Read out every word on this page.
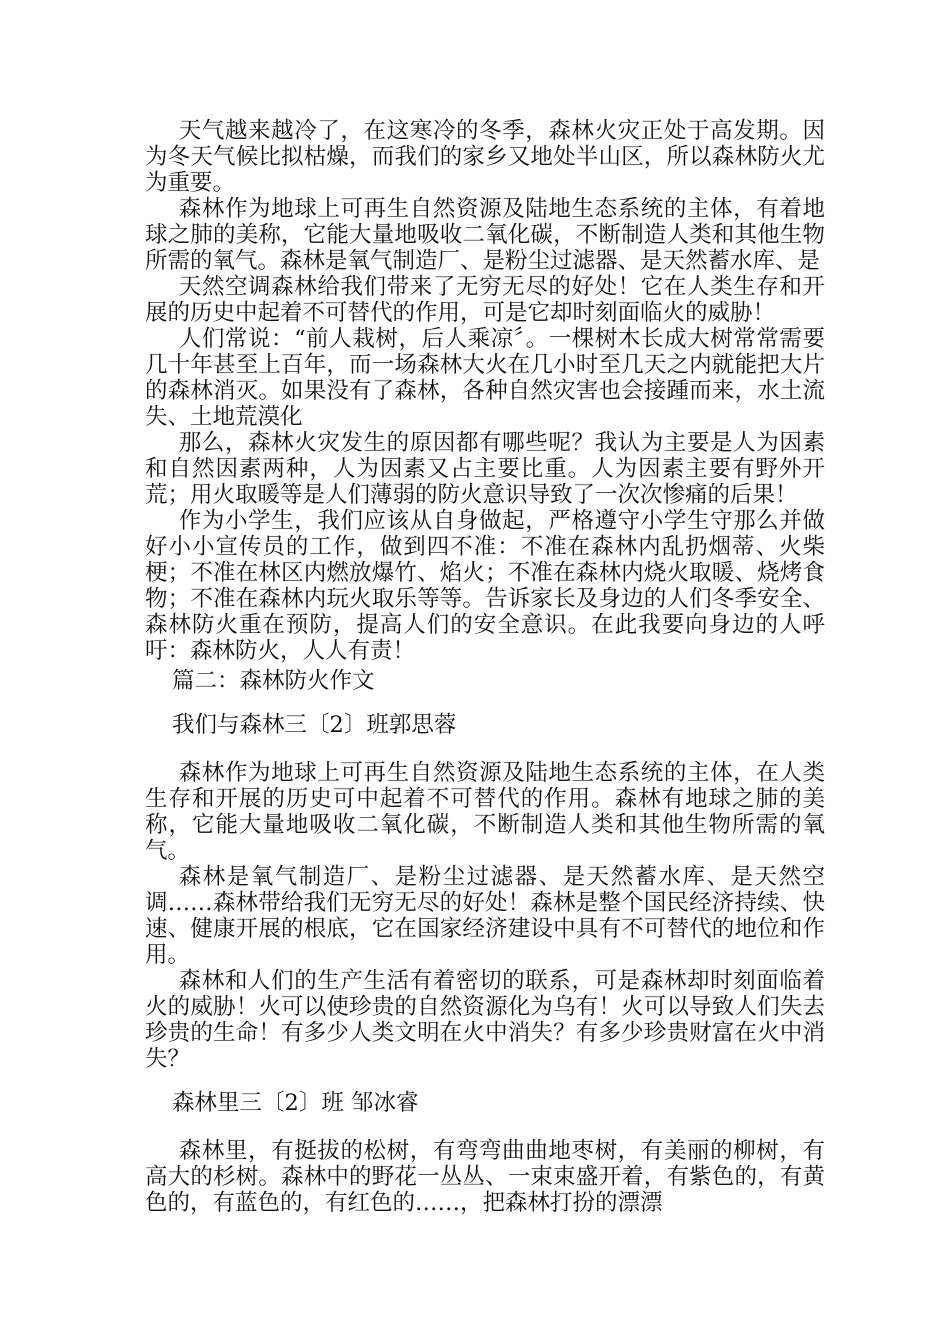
天气越来越冷了，在这寒冷的冬季，森林火灾正处于高发期。因为冬天气候比拟枯燥，而我们的家乡又地处半山区，所以森林防火尤为重要。

森林作为地球上可再生自然资源及陆地生态系统的主体，有着地球之肺的美称，它能大量地吸收二氧化碳，不断制造人类和其他生物所需的氧气。森林是氧气制造厂、是粉尘过滤器、是天然蓄水库、是

天然空调森林给我们带来了无穷无尽的好处！它在人类生存和开展的历史中起着不可替代的作用，可是它却时刻面临火的威胁！

人们常说：“前人栽树，后人乘凉〞。一棵树木长成大树常常需要几十年甚至上百年，而一场森林大火在几小时至几天之内就能把大片的森林消灭。如果没有了森林，各种自然灾害也会接踵而来，水土流失、土地荒漠化

那么，森林火灾发生的原因都有哪些呢？我认为主要是人为因素和自然因素两种，人为因素又占主要比重。人为因素主要有野外开荒；用火取暖等是人们薄弱的防火意识导致了一次次惨痛的后果！

作为小学生，我们应该从自身做起，严格遵守小学生守那么并做好小小宣传员的工作，做到四不准：不准在森林内乱扔烟蒂、火柴梗；不准在林区内燃放爆竹、焰火；不准在森林内烧火取暖、烧烤食物；不准在森林内玩火取乐等等。告诉家长及身边的人们冬季安全、森林防火重在预防，提高人们的安全意识。在此我要向身边的人呼吁：森林防火，人人有责！

篇二：森林防火作文

我们与森林三〔2〕班郭思蓉

森林作为地球上可再生自然资源及陆地生态系统的主体，在人类生存和开展的历史可中起着不可替代的作用。森林有地球之肺的美称，它能大量地吸收二氧化碳，不断制造人类和其他生物所需的氧气。

森林是氧气制造厂、是粉尘过滤器、是天然蓄水库、是天然空调……森林带给我们无穷无尽的好处！森林是整个国民经济持续、快速、健康开展的根底，它在国家经济建设中具有不可替代的地位和作用。

森林和人们的生产生活有着密切的联系，可是森林却时刻面临着火的威胁！火可以使珍贵的自然资源化为乌有！火可以导致人们失去珍贵的生命！有多少人类文明在火中消失？有多少珍贵财富在火中消失？

森林里三〔2〕班 邹冰睿

森林里，有挺拔的松树，有弯弯曲曲地枣树，有美丽的柳树，有高大的杉树。森林中的野花一丛丛、一束束盛开着，有紫色的，有黄色的，有蓝色的，有红色的……，把森林打扮的漂漂
